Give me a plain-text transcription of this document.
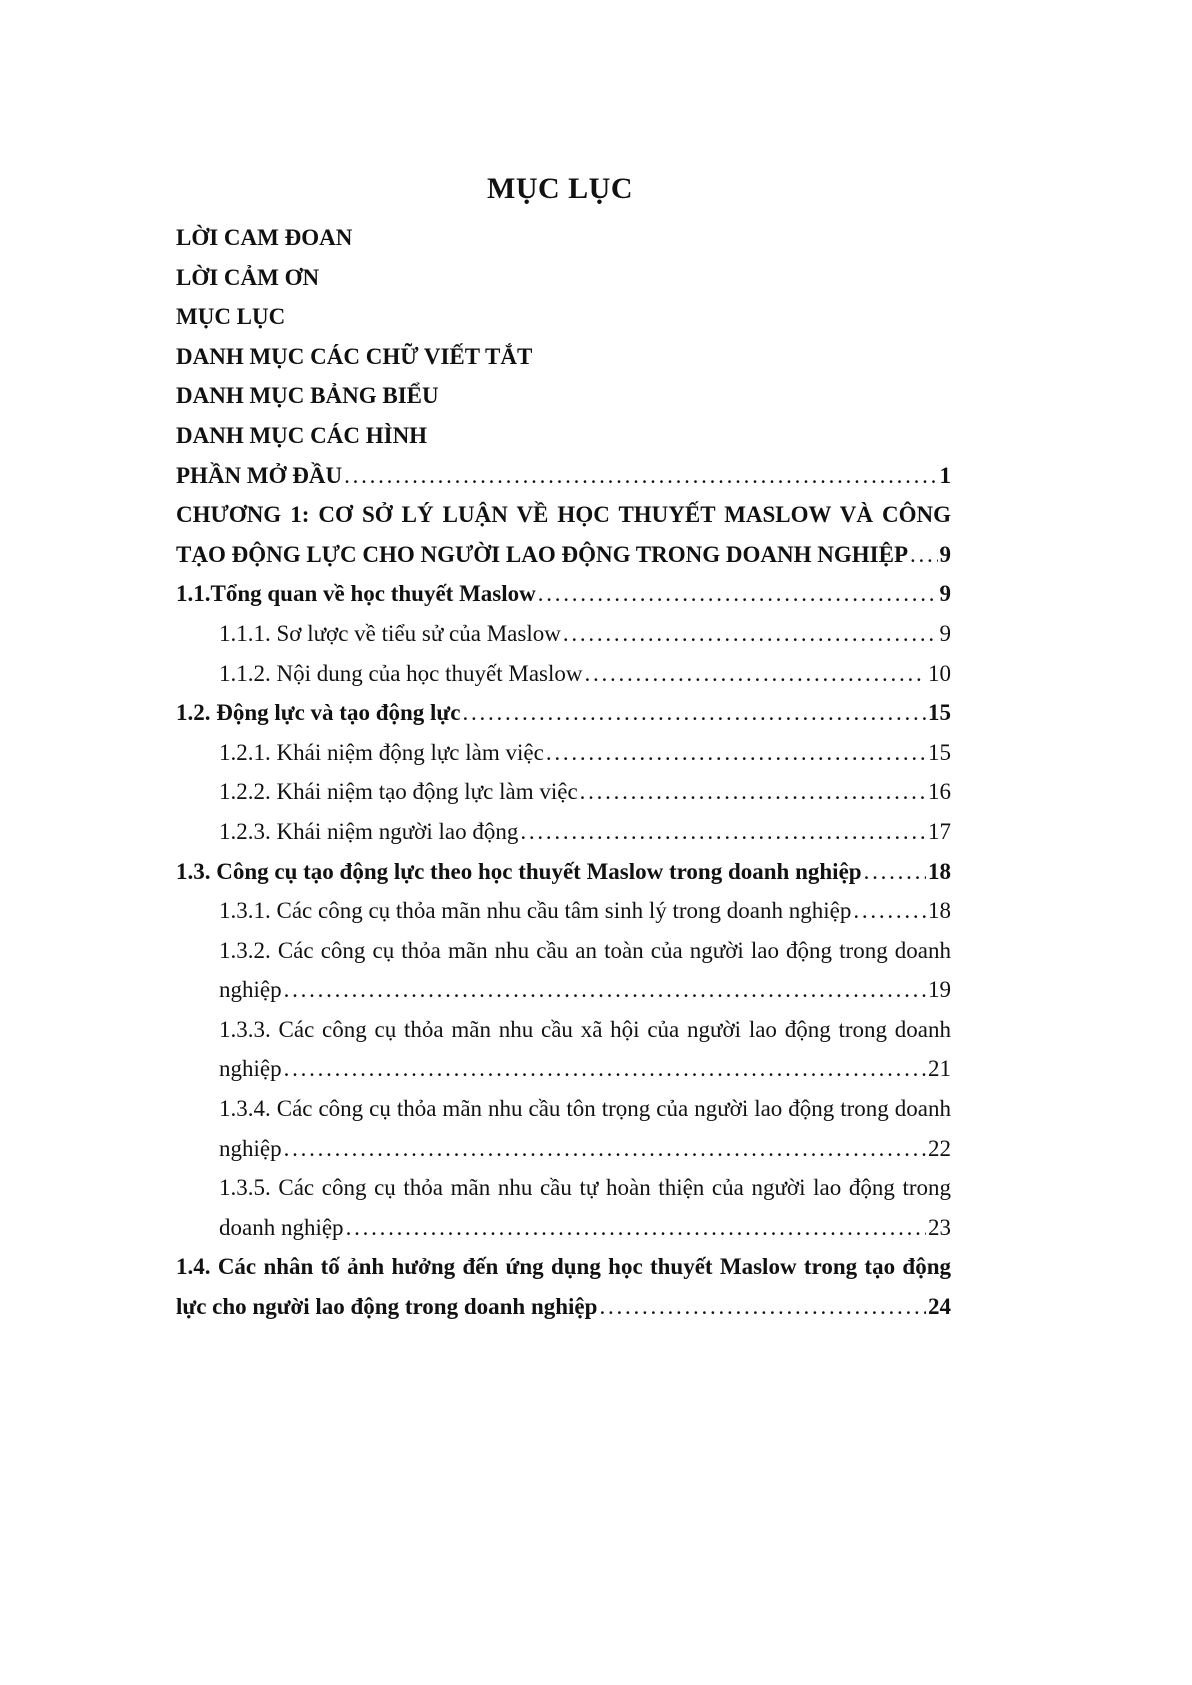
MỤC LỤC
LỜI CAM ĐOAN
LỜI CẢM ƠN
MỤC LỤC
DANH MỤC CÁC CHỮ VIẾT TẮT
DANH MỤC BẢNG BIỂU
DANH MỤC CÁC HÌNH
PHẦN MỞ ĐẦU . . .	1
CHƯƠNG 1: CƠ SỞ LÝ LUẬN VỀ HỌC THUYẾT MASLOW VÀ CÔNG
TẠO ĐỘNG LỰC CHO NGƯỜI LAO ĐỘNG TRONG DOANH NGHIỆP . . . 9
1.1.Tổng quan về học thuyết Maslow . . .	9
1.1.1. Sơ lược về tiểu sử của Maslow . . .	9
1.1.2. Nội dung của học thuyết Maslow . . .	10
1.2. Động lực và tạo động lực . . .	15
1.2.1. Khái niệm động lực làm việc . . .	15
1.2.2. Khái niệm tạo động lực làm việc . . .	16
1.2.3. Khái niệm người lao động . . .	17
1.3. Công cụ tạo động lực theo học thuyết Maslow trong doanh nghiệp . . .	18
1.3.1. Các công cụ thỏa mãn nhu cầu tâm sinh lý trong doanh nghiệp . . .	18
1.3.2. Các công cụ thỏa mãn nhu cầu an toàn của người lao động trong doanh
nghiệp . . .	19
1.3.3. Các công cụ thỏa mãn nhu cầu xã hội của người lao động trong doanh
nghiệp . . .	21
1.3.4. Các công cụ thỏa mãn nhu cầu tôn trọng của người lao động trong doanh
nghiệp . . .	22
1.3.5. Các công cụ thỏa mãn nhu cầu tự hoàn thiện của người lao động trong
doanh nghiệp . . .	23
1.4. Các nhân tố ảnh hưởng đến ứng dụng học thuyết Maslow trong tạo động
lực cho người lao động trong doanh nghiệp . . .	24
